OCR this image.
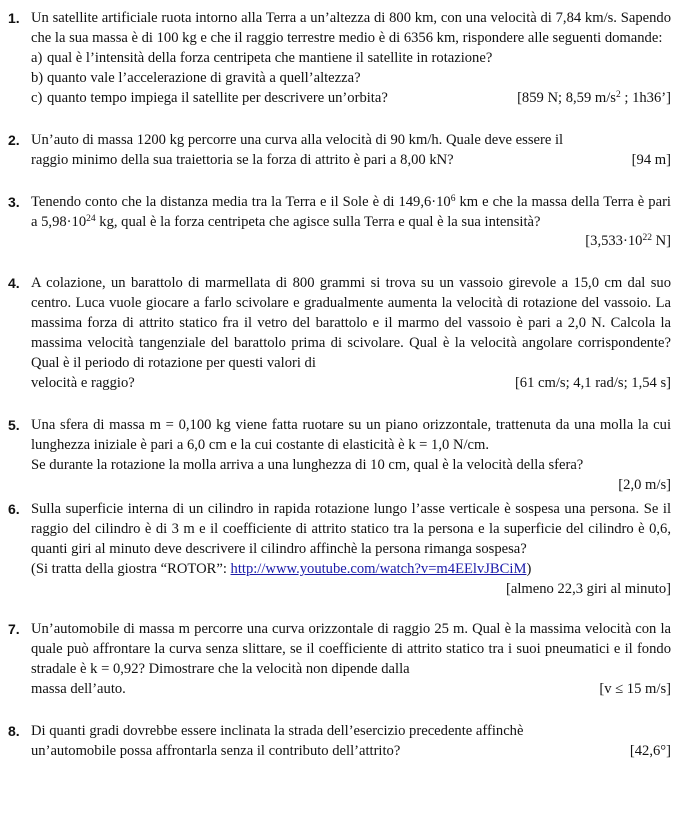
1. Un satellite artificiale ruota intorno alla Terra a un’altezza di 800 km, con una velocità di 7,84 km/s. Sapendo che la sua massa è di 100 kg e che il raggio terrestre medio è di 6356 km, rispondere alle seguenti domande:
a) qual è l’intensità della forza centripeta che mantiene il satellite in rotazione?
b) quanto vale l’accelerazione di gravità a quell’altezza?
c) quanto tempo impiega il satellite per descrivere un’orbita?	[859 N; 8,59 $m/s^2$ ; 1h36’]
2. Un’auto di massa 1200 kg percorre una curva alla velocità di 90 km/h. Quale deve essere il
raggio minimo della sua traiettoria se la forza di attrito è pari a 8,00 kN?	[94 m]
3. Tenendo conto che la distanza media tra la Terra e il Sole è di $149,6\cdot 10^6$ km e che la massa della Terra è pari a $5,98\cdot 10^{24}$ kg, qual è la forza centripeta che agisce sulla Terra e qual è la sua intensità?
[$3,533\cdot 10^{22}$ N]
4. A colazione, un barattolo di marmellata di 800 grammi si trova su un vassoio girevole a 15,0 cm dal suo centro. Luca vuole giocare a farlo scivolare e gradualmente aumenta la velocità di rotazione del vassoio. La massima forza di attrito statico fra il vetro del barattolo e il marmo del vassoio è pari a 2,0 N. Calcola la massima velocità tangenziale del barattolo prima di scivolare. Qual è la velocità angolare corrispondente? Qual è il periodo di rotazione per questi valori di
velocità e raggio?	[61 cm/s; 4,1 rad/s; 1,54 s]
5. Una sfera di massa m = 0,100 kg viene fatta ruotare su un piano orizzontale, trattenuta da una molla la cui lunghezza iniziale è pari a 6,0 cm e la cui costante di elasticità è k = 1,0 N/cm.
Se durante la rotazione la molla arriva a una lunghezza di 10 cm, qual è la velocità della sfera?
[2,0 m/s]
6. Sulla superficie interna di un cilindro in rapida rotazione lungo l’asse verticale è sospesa una persona. Se il raggio del cilindro è di 3 m e il coefficiente di attrito statico tra la persona e la superficie del cilindro è 0,6, quanti giri al minuto deve descrivere il cilindro affinchè la persona rimanga sospesa?
(Si tratta della giostra “ROTOR”: http://www.youtube.com/watch?v=m4EElvJBCiM)
[almeno 22,3 giri al minuto]
7. Un’automobile di massa m percorre una curva orizzontale di raggio 25 m. Qual è la massima velocità con la quale può affrontare la curva senza slittare, se il coefficiente di attrito statico tra i suoi pneumatici e il fondo stradale è k = 0,92? Dimostrare che la velocità non dipende dalla
massa dell’auto.	[v ≤ 15 m/s]
8. Di quanti gradi dovrebbe essere inclinata la strada dell’esercizio precedente affinchè
un’automobile possa affrontarla senza il contributo dell’attrito?	[42,6°]
